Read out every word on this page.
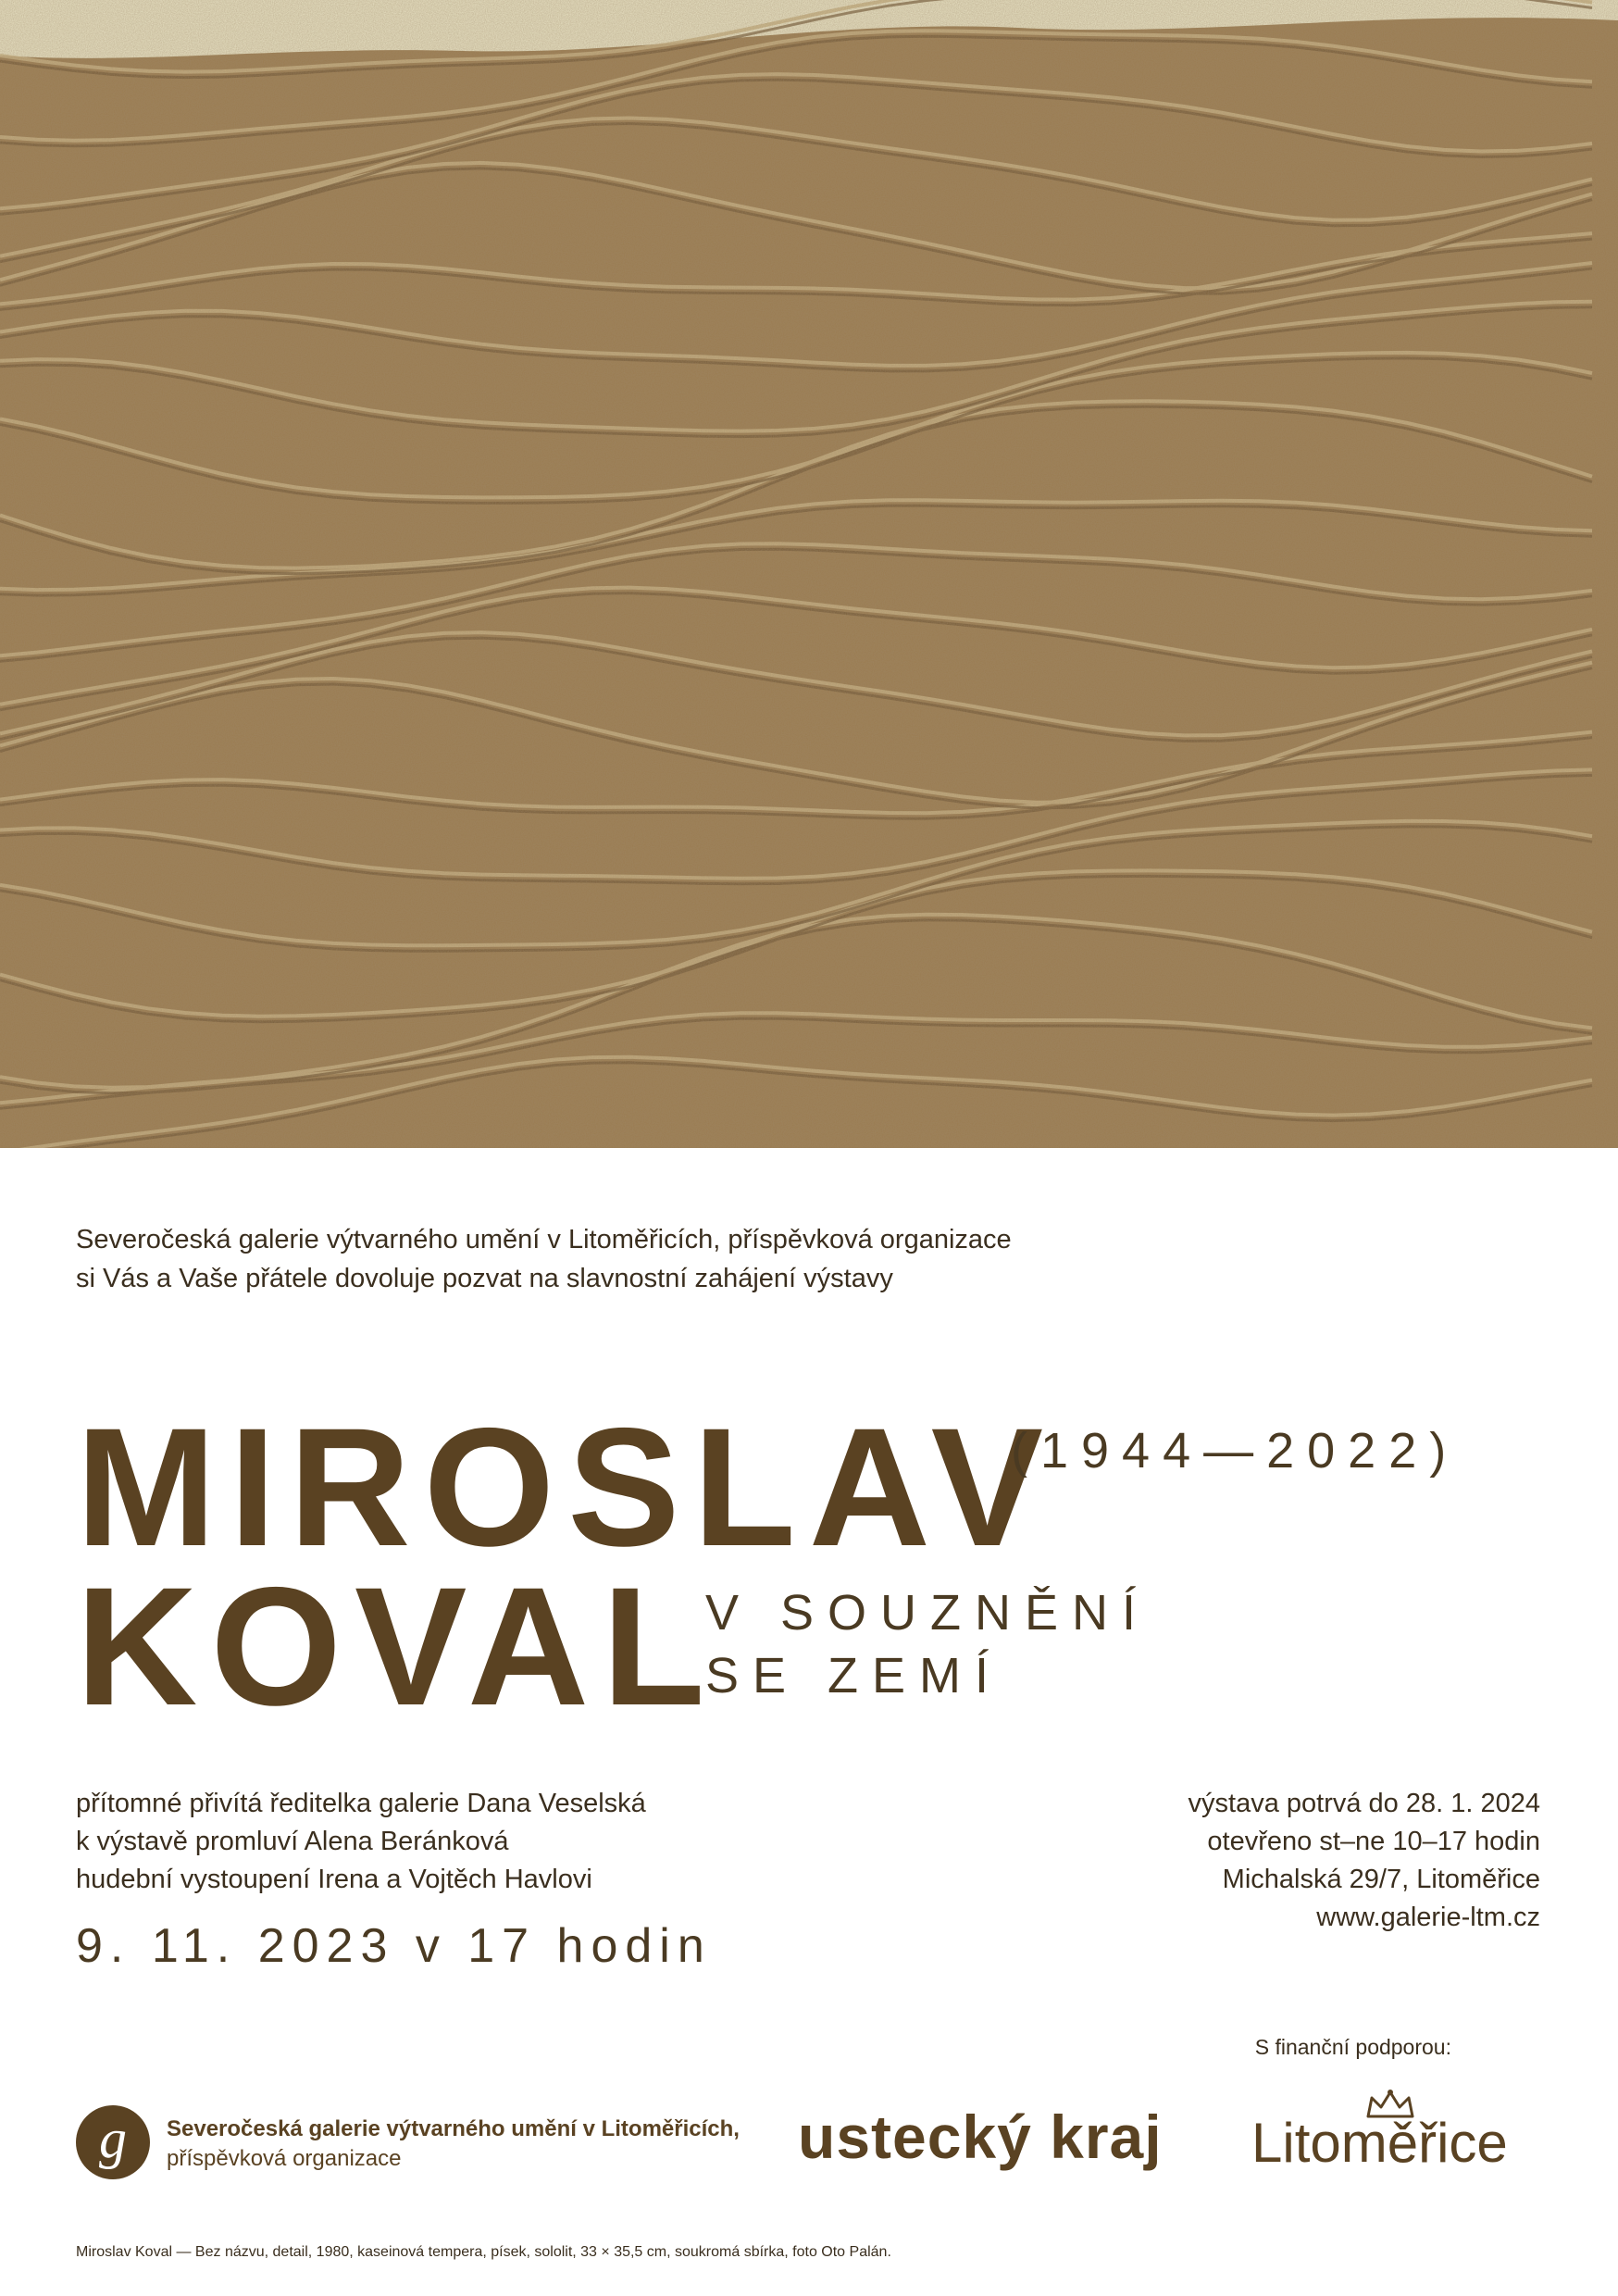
Severočeská galerie výtvarného umění v Litoměřicích, příspěvková organizace
si Vás a Vaše přátele dovoluje pozvat na slavnostní zahájení výstavy
MIROSLAV
KOVAL
(1944—2022)
V SOUZNĚNÍ
SE ZEMÍ
přítomné přivítá ředitelka galerie Dana Veselská
k výstavě promluví Alena Beránková
hudební vystoupení Irena a Vojtěch Havlovi
9. 11. 2023 v 17 hodin
výstava potrvá do 28. 1. 2024
otevřeno st–ne 10–17 hodin
Michalská 29/7, Litoměřice
www.galerie-ltm.cz
S finanční podporou:
g	Severočeská galerie výtvarného umění v Litoměřicích,
příspěvková organizace	ustecký kraj Litoměřice
Miroslav Koval — Bez názvu, detail, 1980, kaseinová tempera, písek, sololit, 33 × 35,5 cm, soukromá sbírka, foto Oto Palán.
